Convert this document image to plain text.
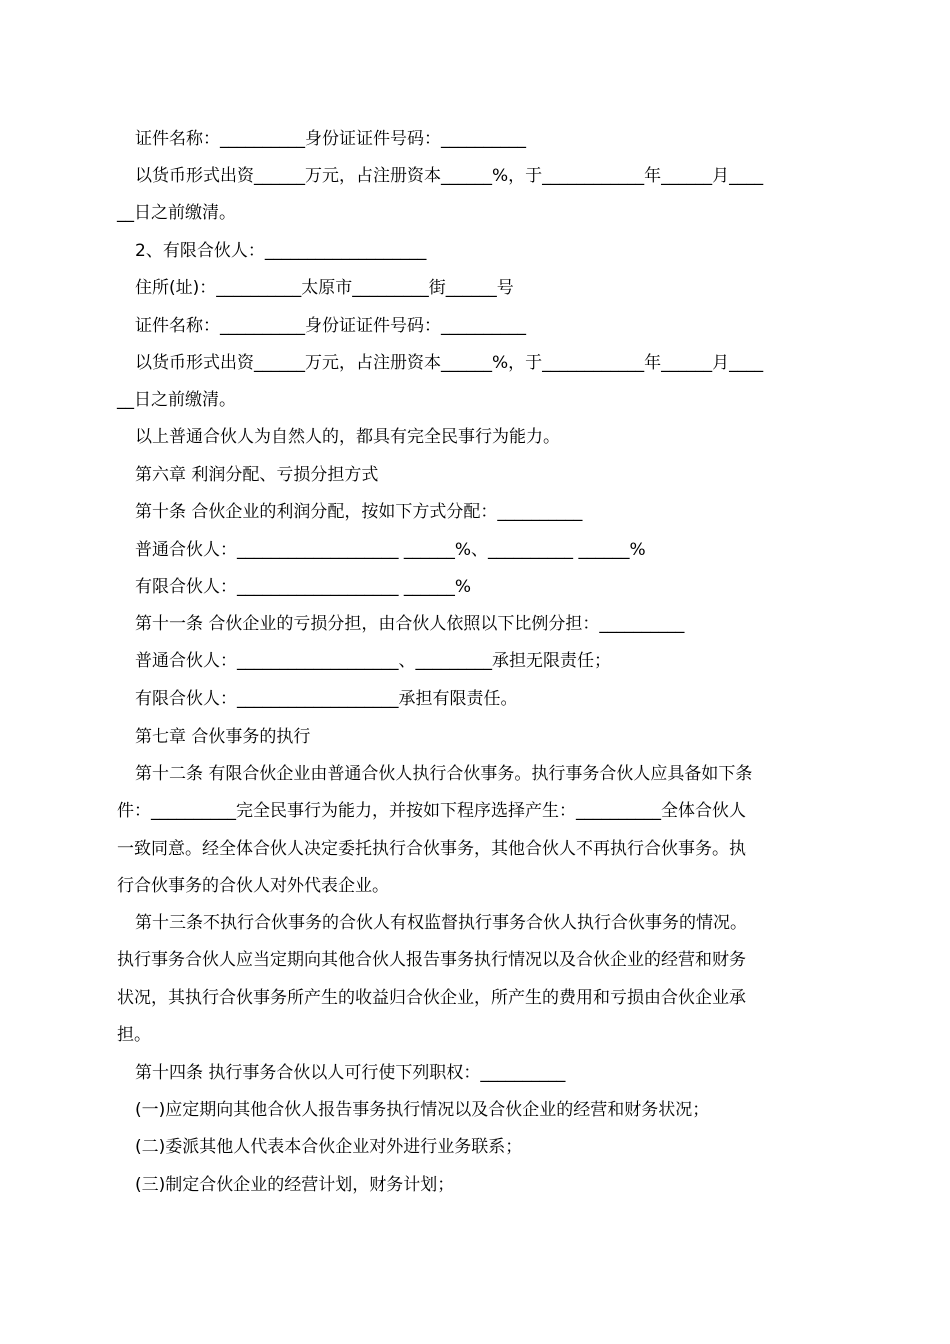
证件名称：__________身份证证件号码：__________
以货币形式出资______万元，占注册资本______%，于____________年______月____
__日之前缴清。
2、有限合伙人：___________________
住所(址)：__________太原市_________街______号
证件名称：__________身份证证件号码：__________
以货币形式出资______万元，占注册资本______%，于____________年______月____
__日之前缴清。
以上普通合伙人为自然人的，都具有完全民事行为能力。
第六章 利润分配、亏损分担方式
第十条 合伙企业的利润分配，按如下方式分配：__________
普通合伙人：___________________ ______%、__________ ______%
有限合伙人：___________________ ______%
第十一条 合伙企业的亏损分担，由合伙人依照以下比例分担：__________
普通合伙人：___________________、_________承担无限责任；
有限合伙人：___________________承担有限责任。
第七章 合伙事务的执行
第十二条 有限合伙企业由普通合伙人执行合伙事务。执行事务合伙人应具备如下条
件：__________完全民事行为能力，并按如下程序选择产生：__________全体合伙人
一致同意。经全体合伙人决定委托执行合伙事务，其他合伙人不再执行合伙事务。执
行合伙事务的合伙人对外代表企业。
第十三条不执行合伙事务的合伙人有权监督执行事务合伙人执行合伙事务的情况。
执行事务合伙人应当定期向其他合伙人报告事务执行情况以及合伙企业的经营和财务
状况，其执行合伙事务所产生的收益归合伙企业，所产生的费用和亏损由合伙企业承
担。
第十四条 执行事务合伙以人可行使下列职权：__________
(一)应定期向其他合伙人报告事务执行情况以及合伙企业的经营和财务状况；
(二)委派其他人代表本合伙企业对外进行业务联系；
(三)制定合伙企业的经营计划，财务计划；
